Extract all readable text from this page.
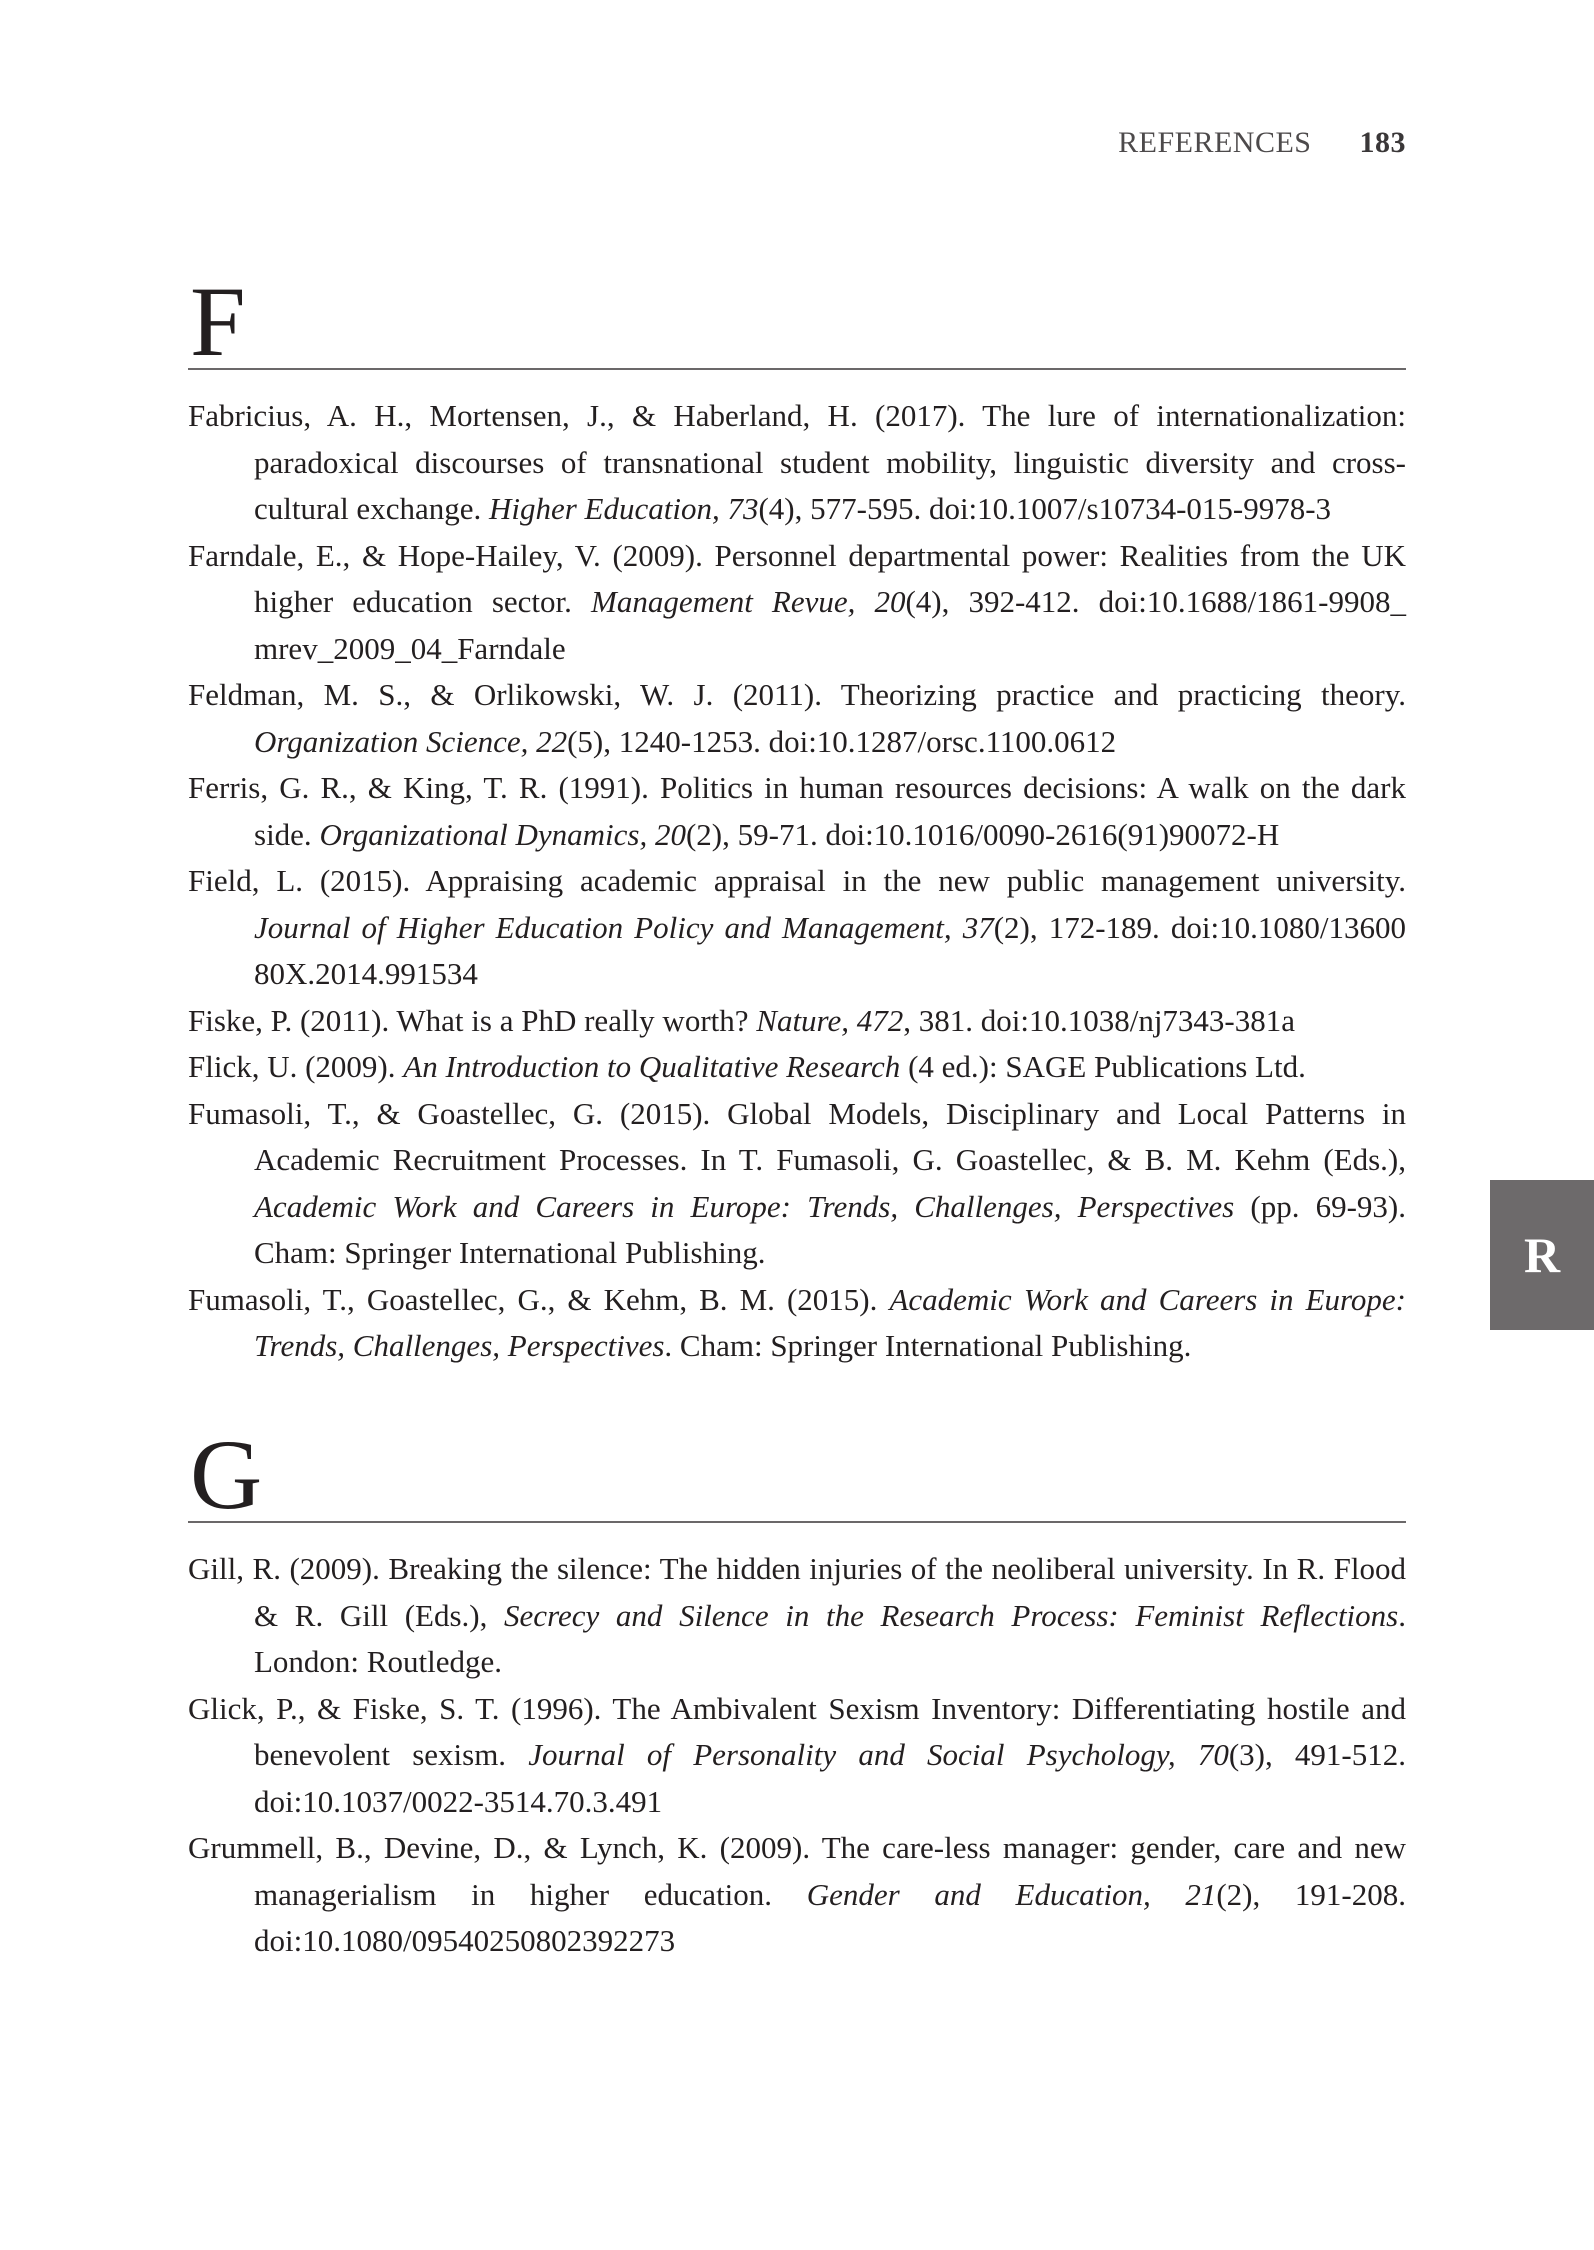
REFERENCES 183
F
Fabricius, A. H., Mortensen, J., & Haberland, H. (2017). The lure of internationalization: paradoxical discourses of transnational student mobility, linguistic diversity and cross-cultural exchange. Higher Education, 73(4), 577-595. doi:10.1007/s10734-015-9978-3
Farndale, E., & Hope-Hailey, V. (2009). Personnel departmental power: Realities from the UK higher education sector. Management Revue, 20(4), 392-412. doi:10.1688/1861-9908_ mrev_2009_04_Farndale
Feldman, M. S., & Orlikowski, W. J. (2011). Theorizing practice and practicing theory. Organization Science, 22(5), 1240-1253. doi:10.1287/orsc.1100.0612
Ferris, G. R., & King, T. R. (1991). Politics in human resources decisions: A walk on the dark side. Organizational Dynamics, 20(2), 59-71. doi:10.1016/0090-2616(91)90072-H
Field, L. (2015). Appraising academic appraisal in the new public management university. Journal of Higher Education Policy and Management, 37(2), 172-189. doi:10.1080/13600 80X.2014.991534
Fiske, P. (2011). What is a PhD really worth? Nature, 472, 381. doi:10.1038/nj7343-381a
Flick, U. (2009). An Introduction to Qualitative Research (4 ed.): SAGE Publications Ltd.
Fumasoli, T., & Goastellec, G. (2015). Global Models, Disciplinary and Local Patterns in Academic Recruitment Processes. In T. Fumasoli, G. Goastellec, & B. M. Kehm (Eds.), Academic Work and Careers in Europe: Trends, Challenges, Perspectives (pp. 69-93). Cham: Springer International Publishing.
Fumasoli, T., Goastellec, G., & Kehm, B. M. (2015). Academic Work and Careers in Europe: Trends, Challenges, Perspectives. Cham: Springer International Publishing.
G
Gill, R. (2009). Breaking the silence: The hidden injuries of the neoliberal university. In R. Flood & R. Gill (Eds.), Secrecy and Silence in the Research Process: Feminist Reflections. London: Routledge.
Glick, P., & Fiske, S. T. (1996). The Ambivalent Sexism Inventory: Differentiating hostile and benevolent sexism. Journal of Personality and Social Psychology, 70(3), 491-512. doi:10.1037/0022-3514.70.3.491
Grummell, B., Devine, D., & Lynch, K. (2009). The care-less manager: gender, care and new managerialism in higher education. Gender and Education, 21(2), 191-208. doi:10.1080/09540250802392273
R
